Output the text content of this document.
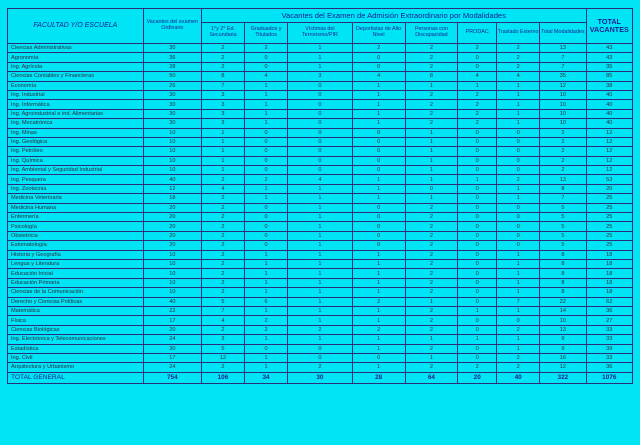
FACULTAD Y/O ESCUELA	Vacantes del examen Ordinario	Vacantes del Examen de Admisión Extraordinario por Modalidades								TOTAL VACANTES
		1°y 2° Ed. Secundaria	Graduados y Titulados	Víctimas del Terrorismo/PIR	Deportistas de Alto Nivel	Personas con Discapacidad	PRODAC	Traslado Externo	Total Modalidades	
Ciencias Administrativas	30	2	2	1	2	2	2	2	13	43
Agronomía	36	2	0	1	0	2	0	2	7	43
Ing. Agrícola	28	2	0	1	0	2	0	2	7	35
Ciencias Contables y Financieras	50	8	4	3	4	8	4	4	35	85
Economía	26	7	1	0	1	1	1	1	12	38
Ing. Industrial	30	3	1	0	1	2	2	1	10	40
Ing. Informática	30	3	1	0	1	2	2	1	10	40
Ing. Agroindustrial e ind. Alimentarias	30	3	1	0	1	2	2	1	10	40
Ing. Mecatrónica	30	3	1	0	1	2	2	1	10	40
Ing. Minas	10	1	0	0	0	1	0	0	2	12
Ing. Geológica	10	1	0	0	0	1	0	0	2	12
Ing. Petróleo	10	1	0	0	0	1	0	0	2	12
Ing. Química	10	1	0	0	0	1	0	0	2	12
Ing. Ambiental y Seguridad Industrial	10	1	0	0	0	1	0	0	2	12
Ing. Pesquera	40	2	2	4	1	1	1	2	13	53
Ing. Zootecnia	12	4	1	1	1	0	0	1	8	20
Medicina Veterinaria	18	2	1	1	1	1	0	1	7	25
Medicina Humana	20	2	0	1	0	2	0	0	5	25
Enfermería	20	2	0	1	0	2	0	0	5	25
Psicología	20	2	0	1	0	2	0	0	5	25
Obstetricia	20	2	0	1	0	2	0	0	5	25
Estomatología	20	2	0	1	0	2	0	0	5	25
Historia y Geografía	10	2	1	1	1	2	0	1	8	18
Lengua y Literatura	10	2	1	1	1	2	0	1	8	18
Educación Inicial	10	2	1	1	1	2	0	1	8	18
Educación Primaria	10	2	1	1	1	2	0	1	8	18
Ciencias de la Comunicación	10	2	1	1	1	2	0	1	8	18
Derecho y Ciencias Políticas	40	5	6	1	2	1	0	7	22	62
Matemática	22	7	1	1	1	2	1	1	14	36
Física	17	4	2	1	1	2	0	0	10	27
Ciencias Biológicas	20	2	2	2	2	2	0	2	13	33
Ing. Electrónica y Telecomunicaciones	24	3	1	1	1	1	1	1	9	33
Estadística	30	5	0	0	1	2	0	1	9	39
Ing. Civil	17	12	1	0	0	1	0	2	16	33
Arquitectura y Urbanismo	24	2	1	2	1	2	2	2	12	36
TOTAL GENERAL	754	106	34	30	28	64	20	40	322	1076
